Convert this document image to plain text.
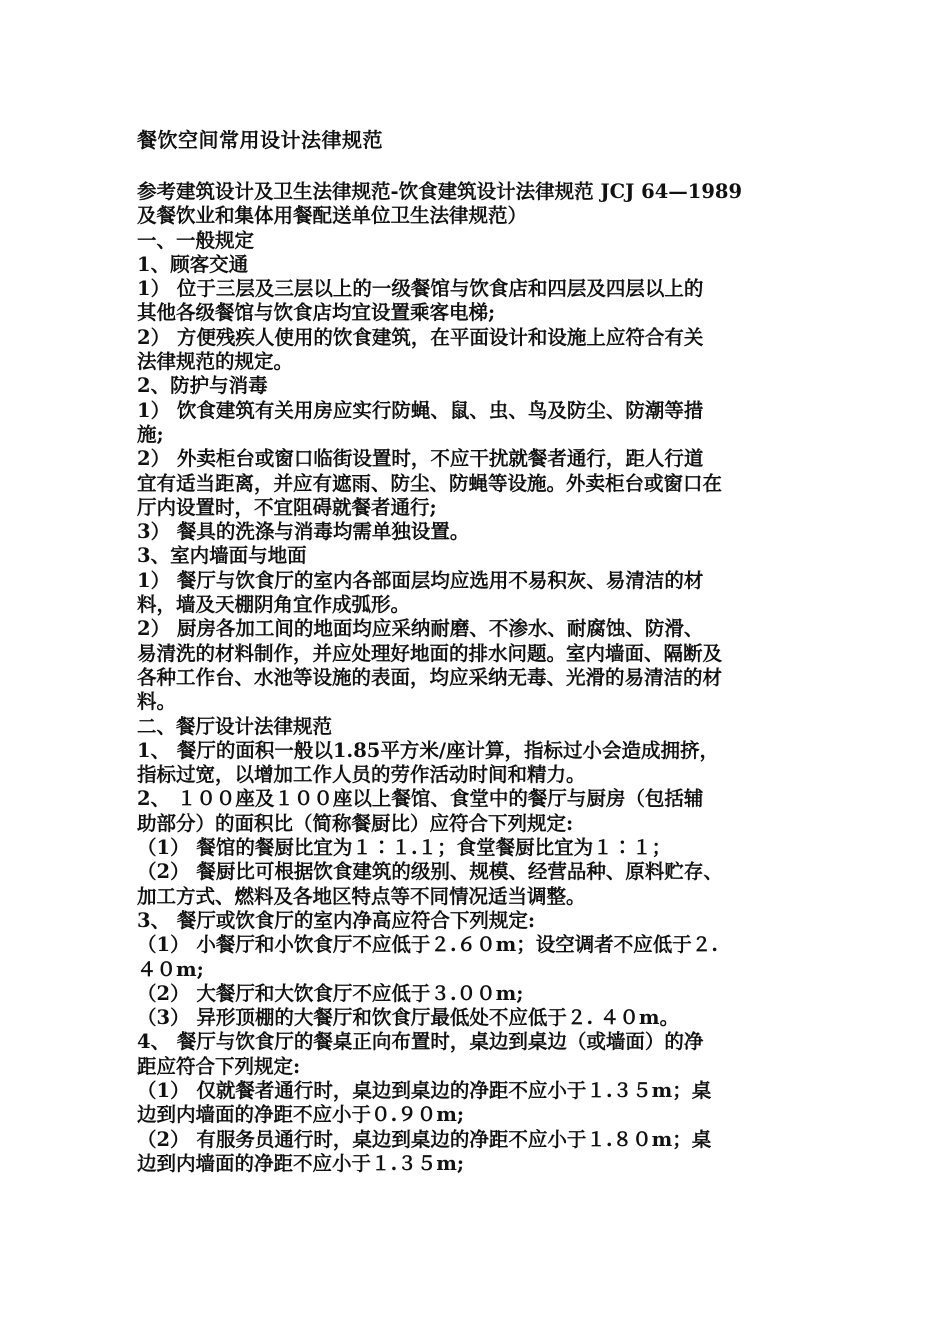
餐饮空间常用设计法律规范
参考建筑设计及卫生法律规范-饮食建筑设计法律规范 JCJ 64—1989
及餐饮业和集体用餐配送单位卫生法律规范）
一、一般规定
1、顾客交通
1） 位于三层及三层以上的一级餐馆与饮食店和四层及四层以上的
其他各级餐馆与饮食店均宜设置乘客电梯;
2） 方便残疾人使用的饮食建筑，在平面设计和设施上应符合有关
法律规范的规定。
2、防护与消毒
1） 饮食建筑有关用房应实行防蝇、鼠、虫、鸟及防尘、防潮等措
施;
2） 外卖柜台或窗口临街设置时，不应干扰就餐者通行，距人行道
宜有适当距离，并应有遮雨、防尘、防蝇等设施。外卖柜台或窗口在
厅内设置时，不宜阻碍就餐者通行;
3） 餐具的洗涤与消毒均需单独设置。
3、室内墙面与地面
1） 餐厅与饮食厅的室内各部面层均应选用不易积灰、易清洁的材
料，墙及天棚阴角宜作成弧形。
2） 厨房各加工间的地面均应采纳耐磨、不渗水、耐腐蚀、防滑、
易清洗的材料制作，并应处理好地面的排水问题。室内墙面、隔断及
各种工作台、水池等设施的表面，均应采纳无毒、光滑的易清洁的材
料。
二、餐厅设计法律规范
1、 餐厅的面积一般以1.85平方米/座计算，指标过小会造成拥挤，
指标过宽，以增加工作人员的劳作活动时间和精力。
2、 １００座及１００座以上餐馆、食堂中的餐厅与厨房（包括辅
助部分）的面积比（简称餐厨比）应符合下列规定:
（1） 餐馆的餐厨比宜为１∶１.１；食堂餐厨比宜为１∶１；
（2） 餐厨比可根据饮食建筑的级别、规模、经营品种、原料贮存、
加工方式、燃料及各地区特点等不同情况适当调整。
3、 餐厅或饮食厅的室内净高应符合下列规定:
（1） 小餐厅和小饮食厅不应低于２.６０m；设空调者不应低于２.
４０m;
（2） 大餐厅和大饮食厅不应低于３.００m;
（3） 异形顶棚的大餐厅和饮食厅最低处不应低于２. ４０m。
4、 餐厅与饮食厅的餐桌正向布置时，桌边到桌边（或墙面）的净
距应符合下列规定:
（1） 仅就餐者通行时，桌边到桌边的净距不应小于１.３５m；桌
边到内墙面的净距不应小于０.９０m;
（2） 有服务员通行时，桌边到桌边的净距不应小于１.８０m；桌
边到内墙面的净距不应小于１.３５m;
